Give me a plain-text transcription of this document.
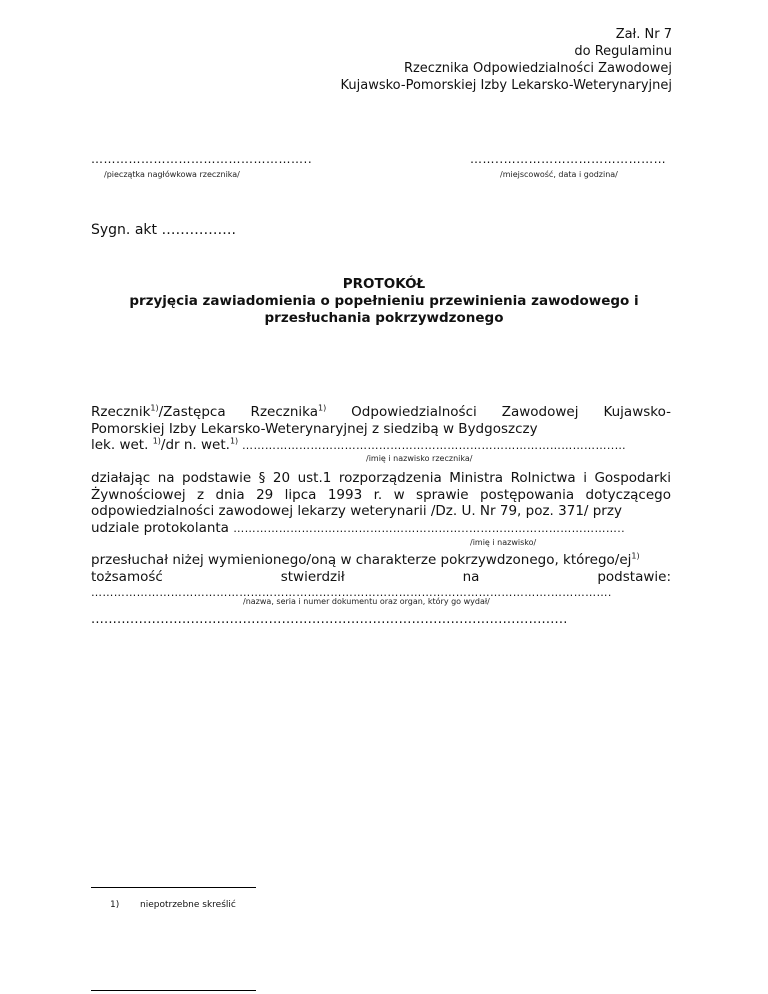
Zał. Nr 7
do Regulaminu
Rzecznika Odpowiedzialności Zawodowej
Kujawsko-Pomorskiej Izby Lekarsko-Weterynaryjnej
……………………………………………..
/pieczątka nagłówkowa rzecznika/
……..…………………………………
/miejscowość, data i godzina/
Sygn. akt …………….
PROTOKÓŁ
przyjęcia zawiadomienia o popełnieniu przewinienia zawodowego i
przesłuchania pokrzywdzonego
Rzecznik$^{1)}$/Zastępca Rzecznika$^{1)}$ Odpowiedzialności Zawodowej Kujawsko-
Pomorskiej Izby Lekarsko-Weterynaryjnej z siedzibą w Bydgoszczy
lek. wet. $^{1)}$/dr n. wet.$^{1)}$ ……………………………………………………………………………………..…
/imię i nazwisko rzecznika/
działając na podstawie § 20 ust.1 rozporządzenia Ministra Rolnictwa i Gospodarki Żywnościowej z dnia 29 lipca 1993 r. w sprawie postępowania dotyczącego odpowiedzialności zawodowej lekarzy weterynarii /Dz. U. Nr 79, poz. 371/ przy
udziale protokolanta ……………………………………………………..…………………………………..
/imię i nazwisko/
przesłuchał niżej wymienionego/oną w charakterze pokrzywdzonego, którego/$ej^{1)}$
tożsamość stwierdził na podstawie:
………………………………………………………………………………………………………….…………….
/nazwa, seria i numer dokumentu oraz organ, który go wydał/
..............................................................................................................
1) niepotrzebne skreślić
